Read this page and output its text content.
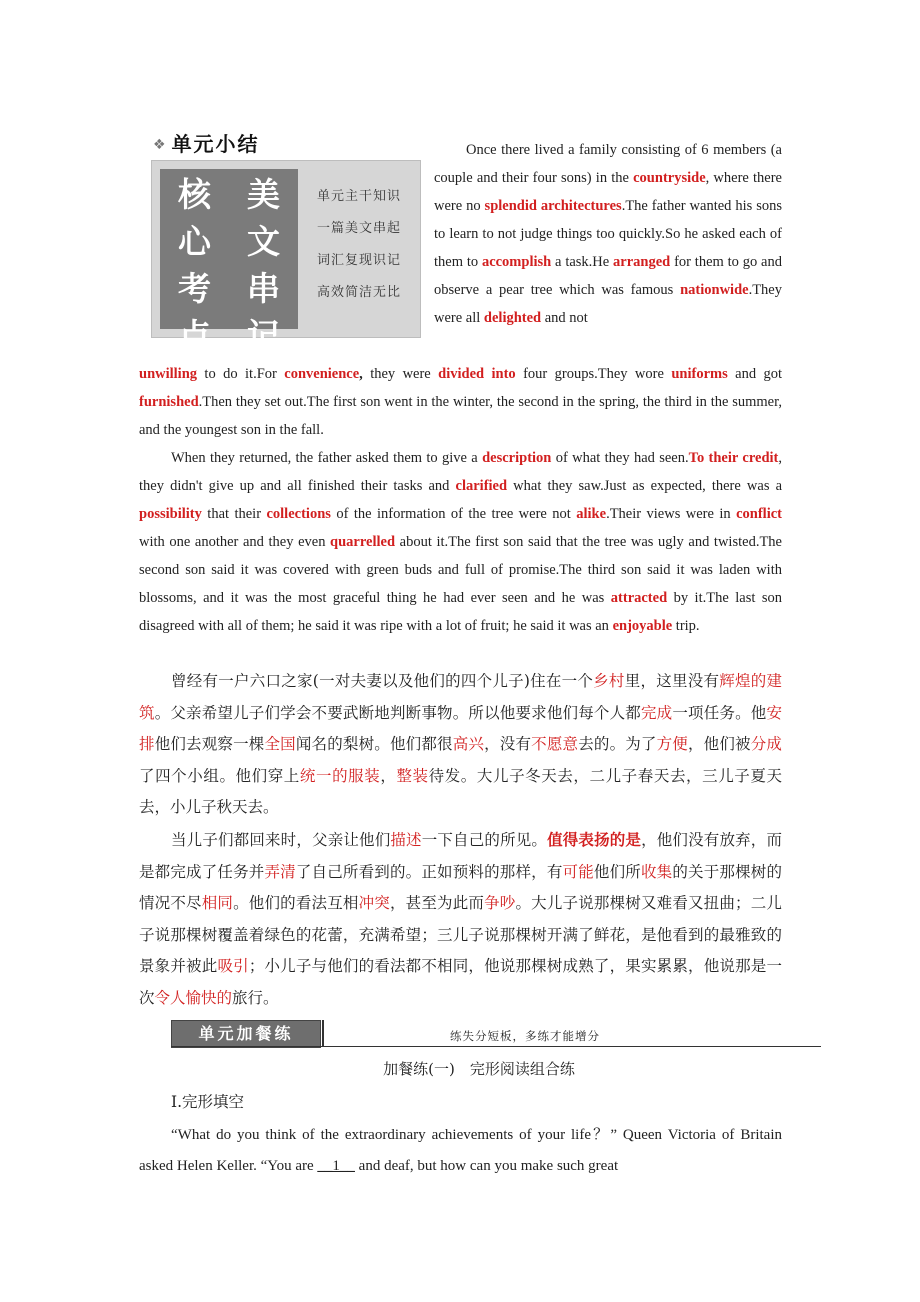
❖ 单元小结
核	美
心	文
考	串
点	记
单元主干知识
一篇美文串起
词汇复现识记
高效简洁无比
Once there lived a family consisting of 6 members (a couple and their four sons) in the countryside, where there were no splendid architectures.The father wanted his sons to learn to not judge things too quickly.So he asked each of them to accomplish a task.He arranged for them to go and observe a pear tree which was famous nationwide.They were all delighted and not
unwilling to do it.For convenience, they were divided into four groups.They wore uniforms and got furnished.Then they set out.The first son went in the winter, the second in the spring, the third in the summer, and the youngest son in the fall.
When they returned, the father asked them to give a description of what they had seen.To their credit, they didn't give up and all finished their tasks and clarified what they saw.Just as expected, there was a possibility that their collections of the information of the tree were not alike.Their views were in conflict with one another and they even quarrelled about it.The first son said that the tree was ugly and twisted.The second son said it was covered with green buds and full of promise.The third son said it was laden with blossoms, and it was the most graceful thing he had ever seen and he was attracted by it.The last son disagreed with all of them; he said it was ripe with a lot of fruit; he said it was an enjoyable trip.
曾经有一户六口之家(一对夫妻以及他们的四个儿子)住在一个乡村里，这里没有辉煌的建筑。父亲希望儿子们学会不要武断地判断事物。所以他要求他们每个人都完成一项任务。他安排他们去观察一棵全国闻名的梨树。他们都很高兴，没有不愿意去的。为了方便，他们被分成了四个小组。他们穿上统一的服装，整装待发。大儿子冬天去，二儿子春天去，三儿子夏天去，小儿子秋天去。
当儿子们都回来时，父亲让他们描述一下自己的所见。值得表扬的是，他们没有放弃，而是都完成了任务并弄清了自己所看到的。正如预料的那样，有可能他们所收集的关于那棵树的情况不尽相同。他们的看法互相冲突，甚至为此而争吵。大儿子说那棵树又难看又扭曲；二儿子说那棵树覆盖着绿色的花蕾，充满希望；三儿子说那棵树开满了鲜花，是他看到的最雅致的景象并被此吸引；小儿子与他们的看法都不相同，他说那棵树成熟了，果实累累，他说那是一次令人愉快的旅行。
单元加餐练	练失分短板，多练才能增分
加餐练(一)　完形阅读组合练
Ⅰ.完形填空
“What do you think of the extraordinary achievements of your life？” Queen Victoria of Britain asked Helen Keller. “You are __1__ and deaf, but how can you make such great
